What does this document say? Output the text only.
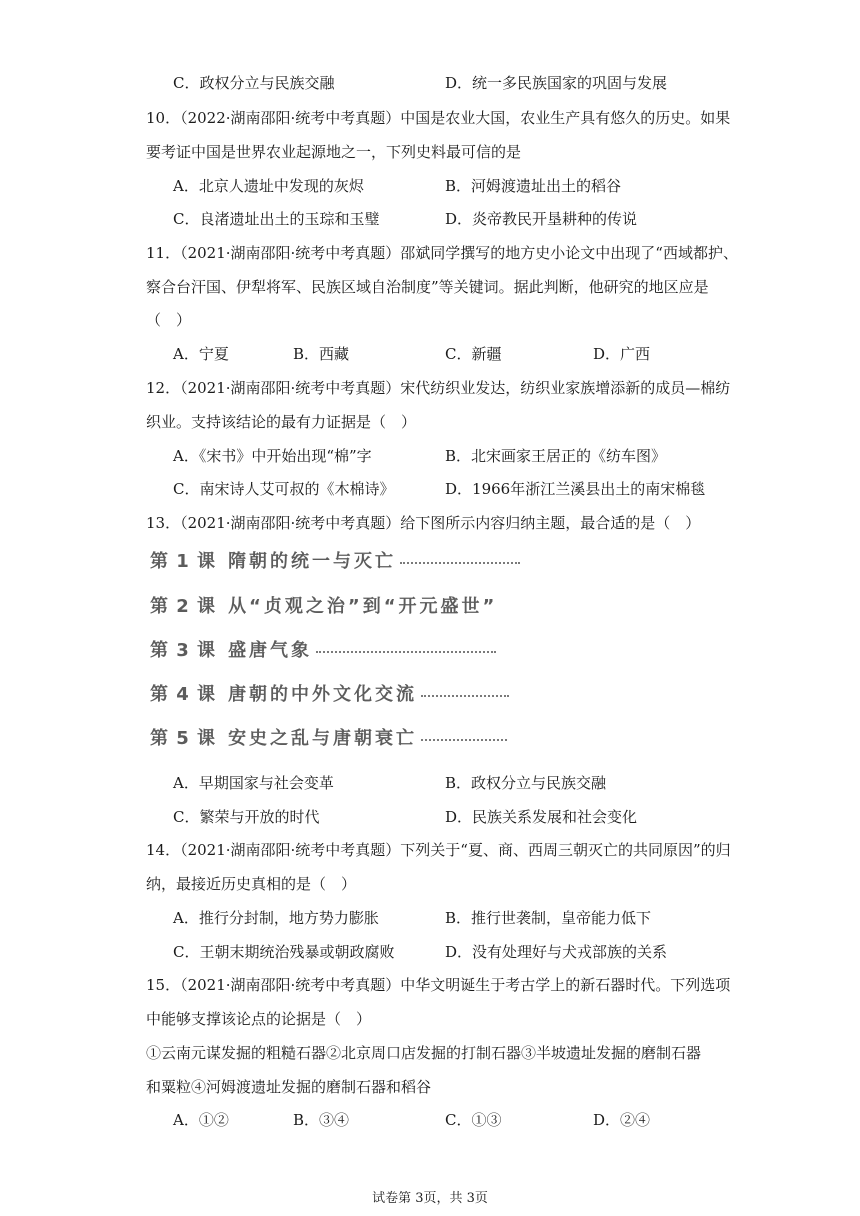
C．政权分立与民族交融	D．统一多民族国家的巩固与发展
10．（2022·湖南邵阳·统考中考真题）中国是农业大国，农业生产具有悠久的历史。如果
要考证中国是世界农业起源地之一，下列史料最可信的是
A．北京人遗址中发现的灰烬	B．河姆渡遗址出土的稻谷
C．良渚遗址出土的玉琮和玉璧	D．炎帝教民开垦耕种的传说
11．（2021·湖南邵阳·统考中考真题）邵斌同学撰写的地方史小论文中出现了“西域都护、
察合台汗国、伊犁将军、民族区域自治制度”等关键词。据此判断，他研究的地区应是
（　）
A．宁夏	B．西藏	C．新疆	D．广西
12．（2021·湖南邵阳·统考中考真题）宋代纺织业发达，纺织业家族增添新的成员—棉纺
织业。支持该结论的最有力证据是（　）
A．《宋书》中开始出现“棉”字	B．北宋画家王居正的《纺车图》
C．南宋诗人艾可叔的《木棉诗》	D．1966年浙江兰溪县出土的南宋棉毯
13．（2021·湖南邵阳·统考中考真题）给下图所示内容归纳主题，最合适的是（　）
第 1 课 隋朝的统一与灭亡
第 2 课 从“贞观之治”到“开元盛世”
第 3 课 盛唐气象
第 4 课 唐朝的中外文化交流
第 5 课 安史之乱与唐朝衰亡
A．早期国家与社会变革	B．政权分立与民族交融
C．繁荣与开放的时代	D．民族关系发展和社会变化
14．（2021·湖南邵阳·统考中考真题）下列关于“夏、商、西周三朝灭亡的共同原因”的归
纳，最接近历史真相的是（　）
A．推行分封制，地方势力膨胀	B．推行世袭制，皇帝能力低下
C．王朝末期统治残暴或朝政腐败	D．没有处理好与犬戎部族的关系
15．（2021·湖南邵阳·统考中考真题）中华文明诞生于考古学上的新石器时代。下列选项
中能够支撑该论点的论据是（　）
①云南元谋发掘的粗糙石器②北京周口店发掘的打制石器③半坡遗址发掘的磨制石器
和粟粒④河姆渡遗址发掘的磨制石器和稻谷
A．①②	B．③④	C．①③	D．②④
试卷第 3页，共 3页
